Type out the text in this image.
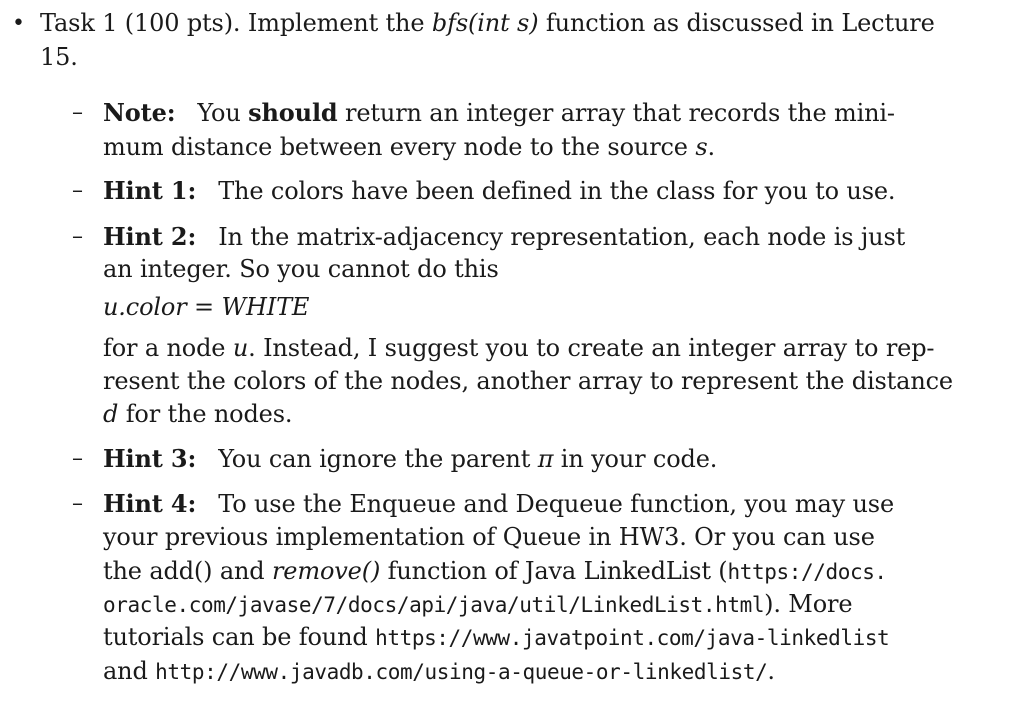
• Task 1 (100 pts). Implement the bfs(int s) function as discussed in Lecture
15.
– Note: You should return an integer array that records the mini-
mum distance between every node to the source s.
– Hint 1: The colors have been defined in the class for you to use.
– Hint 2: In the matrix-adjacency representation, each node is just
an integer. So you cannot do this
u.color = WHITE
for a node u. Instead, I suggest you to create an integer array to rep-
resent the colors of the nodes, another array to represent the distance
d for the nodes.
– Hint 3: You can ignore the parent π in your code.
– Hint 4: To use the Enqueue and Dequeue function, you may use
your previous implementation of Queue in HW3. Or you can use
the add() and remove() function of Java LinkedList (https://docs.
oracle.com/javase/7/docs/api/java/util/LinkedList.html). More
tutorials can be found https://www.javatpoint.com/java-linkedlist
and http://www.javadb.com/using-a-queue-or-linkedlist/.
